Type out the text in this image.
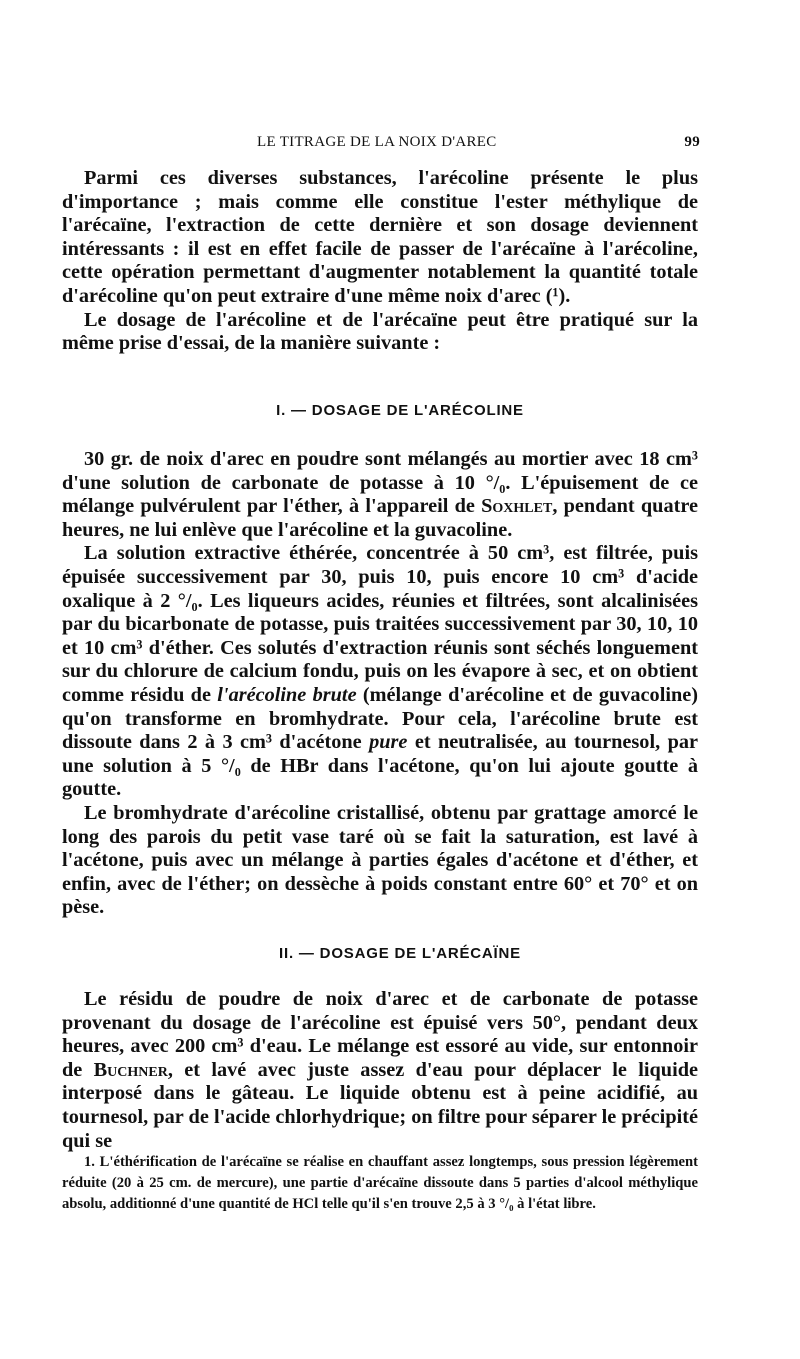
LE TITRAGE DE LA NOIX D'AREC	99

Parmi ces diverses substances, l'arécoline présente le plus d'importance ; mais comme elle constitue l'ester méthylique de l'arécaïne, l'extraction de cette dernière et son dosage deviennent intéressants : il est en effet facile de passer de l'arécaïne à l'arécoline, cette opération permettant d'augmenter notablement la quantité totale d'arécoline qu'on peut extraire d'une même noix d'arec (¹).

Le dosage de l'arécoline et de l'arécaïne peut être pratiqué sur la même prise d'essai, de la manière suivante :

I. — DOSAGE DE L'ARÉCOLINE

30 gr. de noix d'arec en poudre sont mélangés au mortier avec 18 cm³ d'une solution de carbonate de potasse à 10 °/₀. L'épuisement de ce mélange pulvérulent par l'éther, à l'appareil de Soxhlet, pendant quatre heures, ne lui enlève que l'arécoline et la guvacoline.

La solution extractive éthérée, concentrée à 50 cm³, est filtrée, puis épuisée successivement par 30, puis 10, puis encore 10 cm³ d'acide oxalique à 2 °/₀. Les liqueurs acides, réunies et filtrées, sont alcalinisées par du bicarbonate de potasse, puis traitées successivement par 30, 10, 10 et 10 cm³ d'éther. Ces solutés d'extraction réunis sont séchés longuement sur du chlorure de calcium fondu, puis on les évapore à sec, et on obtient comme résidu de l'arécoline brute (mélange d'arécoline et de guvacoline) qu'on transforme en bromhydrate. Pour cela, l'arécoline brute est dissoute dans 2 à 3 cm³ d'acétone pure et neutralisée, au tournesol, par une solution à 5 °/₀ de HBr dans l'acétone, qu'on lui ajoute goutte à goutte.

Le bromhydrate d'arécoline cristallisé, obtenu par grattage amorcé le long des parois du petit vase taré où se fait la saturation, est lavé à l'acétone, puis avec un mélange à parties égales d'acétone et d'éther, et enfin, avec de l'éther; on dessèche à poids constant entre 60° et 70° et on pèse.

II. — DOSAGE DE L'ARÉCAÏNE

Le résidu de poudre de noix d'arec et de carbonate de potasse provenant du dosage de l'arécoline est épuisé vers 50°, pendant deux heures, avec 200 cm³ d'eau. Le mélange est essoré au vide, sur entonnoir de Buchner, et lavé avec juste assez d'eau pour déplacer le liquide interposé dans le gâteau. Le liquide obtenu est à peine acidifié, au tournesol, par de l'acide chlorhydrique; on filtre pour séparer le précipité qui se

1. L'éthérification de l'arécaïne se réalise en chauffant assez longtemps, sous pression légèrement réduite (20 à 25 cm. de mercure), une partie d'arécaïne dissoute dans 5 parties d'alcool méthylique absolu, additionné d'une quantité de HCl telle qu'il s'en trouve 2,5 à 3 °/₀ à l'état libre.
